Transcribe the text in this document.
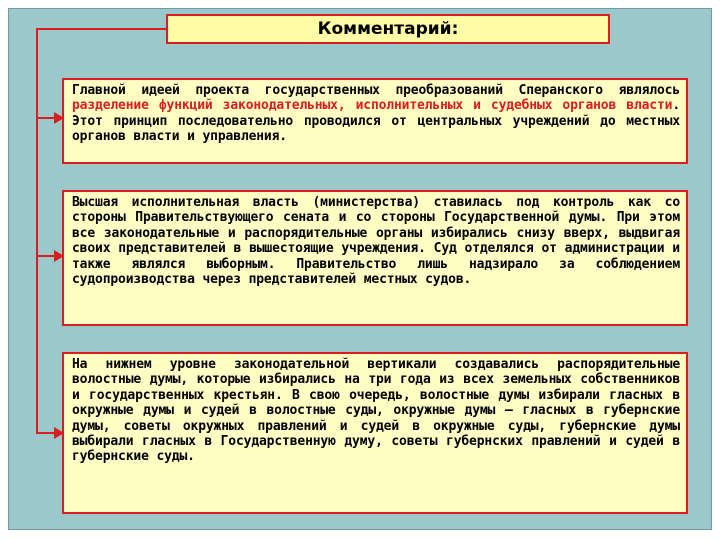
Комментарий:
Главной идеей проекта государственных преобразований Сперанского являлось разделение функций законодательных, исполнительных и судебных органов власти. Этот принцип последовательно проводился от центральных учреждений до местных органов власти и управления.
Высшая исполнительная власть (министерства) ставилась под контроль как со стороны Правительствующего сената и со стороны Государственной думы. При этом все законодательные и распорядительные органы избирались снизу вверх, выдвигая своих представителей в вышестоящие учреждения. Суд отделялся от администрации и также являлся выборным. Правительство лишь надзирало за соблюдением судопроизводства через представителей местных судов.
На нижнем уровне законодательной вертикали создавались распорядительные волостные думы, которые избирались на три года из всех земельных собственников и государственных крестьян. В свою очередь, волостные думы избирали гласных в окружные думы и судей в волостные суды, окружные думы – гласных в губернские думы, советы окружных правлений и судей в окружные суды, губернские думы выбирали гласных в Государственную думу, советы губернских правлений и судей в губернские суды.
